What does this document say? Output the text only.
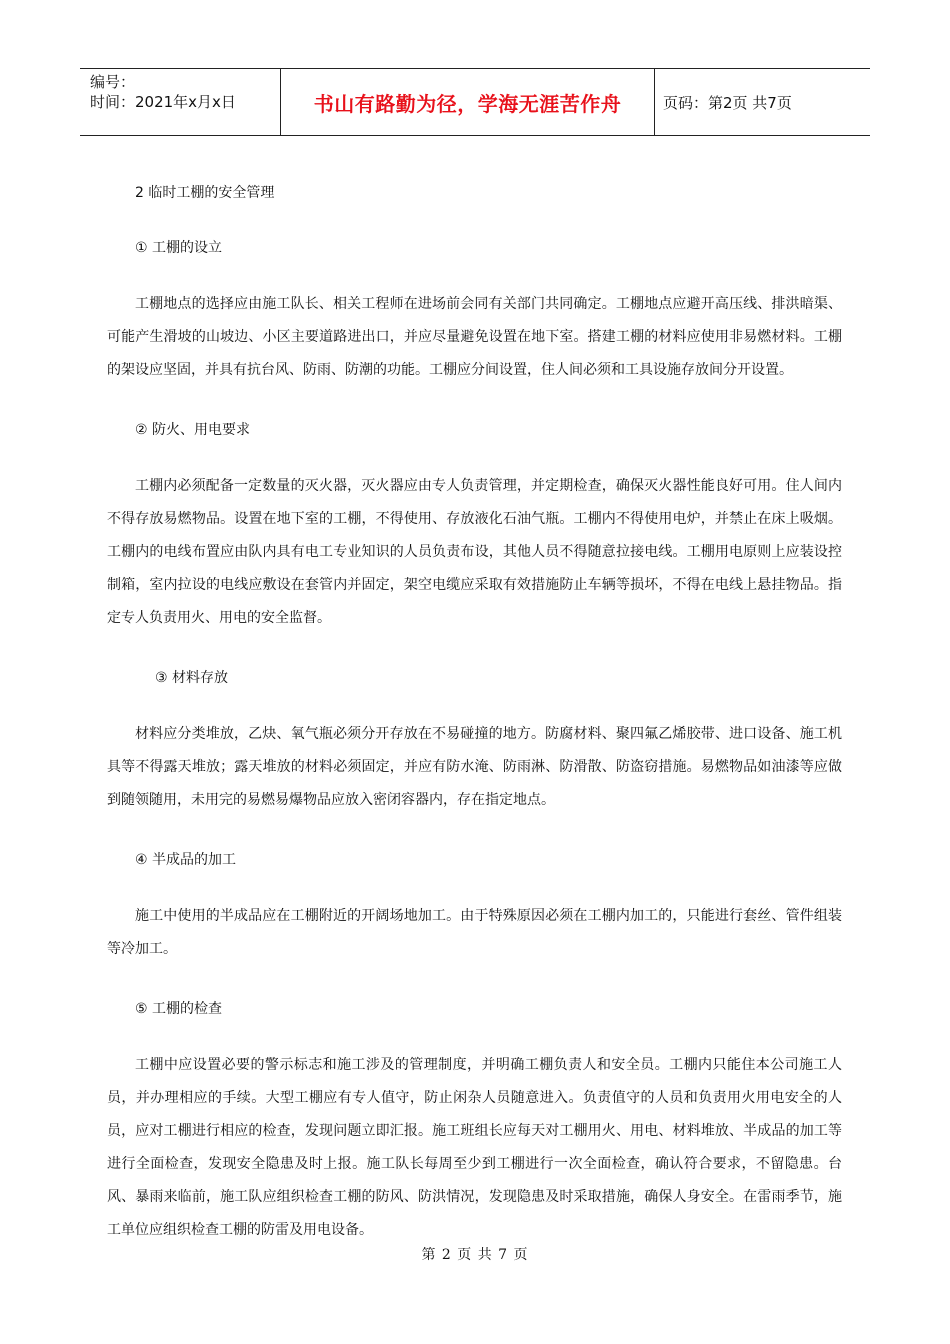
编号：
时间：2021年x月x日	书山有路勤为径，学海无涯苦作舟	页码：第2页 共7页
2 临时工棚的安全管理
① 工棚的设立
工棚地点的选择应由施工队长、相关工程师在进场前会同有关部门共同确定。工棚地点应避开高压线、排洪暗渠、可能产生滑坡的山坡边、小区主要道路进出口，并应尽量避免设置在地下室。搭建工棚的材料应使用非易燃材料。工棚的架设应坚固，并具有抗台风、防雨、防潮的功能。工棚应分间设置，住人间必须和工具设施存放间分开设置。
② 防火、用电要求
工棚内必须配备一定数量的灭火器，灭火器应由专人负责管理，并定期检查，确保灭火器性能良好可用。住人间内不得存放易燃物品。设置在地下室的工棚，不得使用、存放液化石油气瓶。工棚内不得使用电炉，并禁止在床上吸烟。工棚内的电线布置应由队内具有电工专业知识的人员负责布设，其他人员不得随意拉接电线。工棚用电原则上应装设控制箱，室内拉设的电线应敷设在套管内并固定，架空电缆应采取有效措施防止车辆等损坏，不得在电线上悬挂物品。指定专人负责用火、用电的安全监督。
③ 材料存放
材料应分类堆放，乙炔、氧气瓶必须分开存放在不易碰撞的地方。防腐材料、聚四氟乙烯胶带、进口设备、施工机具等不得露天堆放；露天堆放的材料必须固定，并应有防水淹、防雨淋、防滑散、防盗窃措施。易燃物品如油漆等应做到随领随用，未用完的易燃易爆物品应放入密闭容器内，存在指定地点。
④ 半成品的加工
施工中使用的半成品应在工棚附近的开阔场地加工。由于特殊原因必须在工棚内加工的，只能进行套丝、管件组装等冷加工。
⑤ 工棚的检查
工棚中应设置必要的警示标志和施工涉及的管理制度，并明确工棚负责人和安全员。工棚内只能住本公司施工人员，并办理相应的手续。大型工棚应有专人值守，防止闲杂人员随意进入。负责值守的人员和负责用火用电安全的人员，应对工棚进行相应的检查，发现问题立即汇报。施工班组长应每天对工棚用火、用电、材料堆放、半成品的加工等进行全面检查，发现安全隐患及时上报。施工队长每周至少到工棚进行一次全面检查，确认符合要求，不留隐患。台风、暴雨来临前，施工队应组织检查工棚的防风、防洪情况，发现隐患及时采取措施，确保人身安全。在雷雨季节，施工单位应组织检查工棚的防雷及用电设备。
第 2 页 共 7 页
